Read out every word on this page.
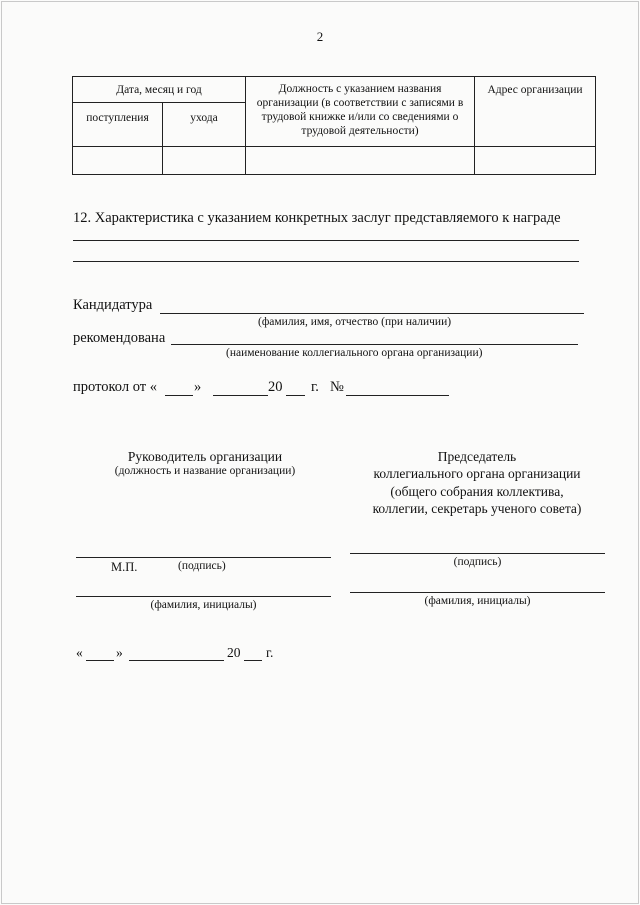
2
Дата, месяц и год		Должность с указанием названия организации (в соответствии с записями в трудовой книжке и/или со сведениями о трудовой деятельности)	Адрес организации
поступления	ухода		

12. Характеристика с указанием конкретных заслуг представляемого к награде
Кандидатура
(фамилия, имя, отчество (при наличии)
рекомендована
(наименование коллегиального органа организации)
протокол от «	»	20 г. №
Руководитель организации
(должность и название организации)
Председатель
коллегиального органа организации
(общего собрания коллектива,
коллегии, секретарь ученого совета)
М.П.	(подпись)	(подпись)
(фамилия, инициалы)	(фамилия, инициалы)
« »	20 г.
